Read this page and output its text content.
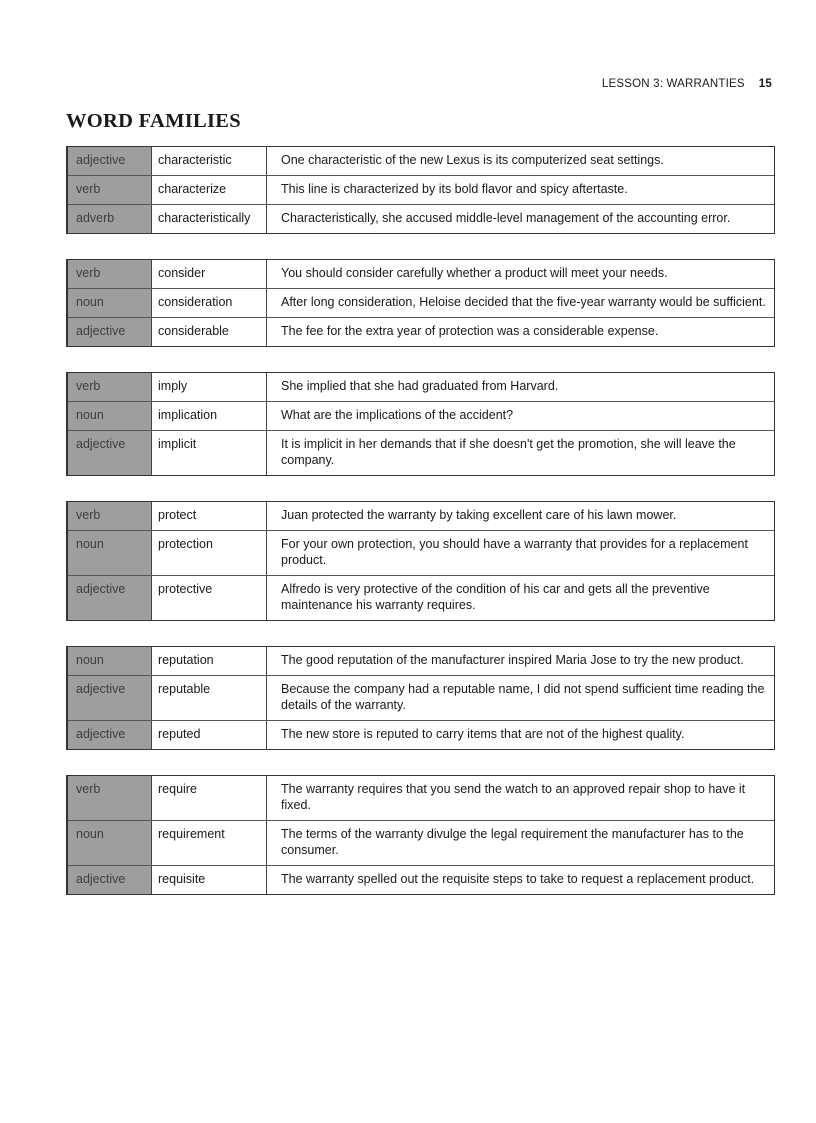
LESSON 3: WARRANTIES 15
WORD FAMILIES
adjective	characteristic	One characteristic of the new Lexus is its computerized seat settings.
verb	characterize	This line is characterized by its bold flavor and spicy aftertaste.
adverb	characteristically	Characteristically, she accused middle-level management of the accounting error.
verb	consider	You should consider carefully whether a product will meet your needs.
noun	consideration	After long consideration, Heloise decided that the five-year warranty would be sufficient.
adjective	considerable	The fee for the extra year of protection was a considerable expense.
verb	imply	She implied that she had graduated from Harvard.
noun	implication	What are the implications of the accident?
adjective	implicit	It is implicit in her demands that if she doesn't get the promotion, she will leave the company.
verb	protect	Juan protected the warranty by taking excellent care of his lawn mower.
noun	protection	For your own protection, you should have a warranty that provides for a replacement product.
adjective	protective	Alfredo is very protective of the condition of his car and gets all the preventive maintenance his warranty requires.
noun	reputation	The good reputation of the manufacturer inspired Maria Jose to try the new product.
adjective	reputable	Because the company had a reputable name, I did not spend sufficient time reading the details of the warranty.
adjective	reputed	The new store is reputed to carry items that are not of the highest quality.
verb	require	The warranty requires that you send the watch to an approved repair shop to have it fixed.
noun	requirement	The terms of the warranty divulge the legal requirement the manufacturer has to the consumer.
adjective	requisite	The warranty spelled out the requisite steps to take to request a replacement product.
